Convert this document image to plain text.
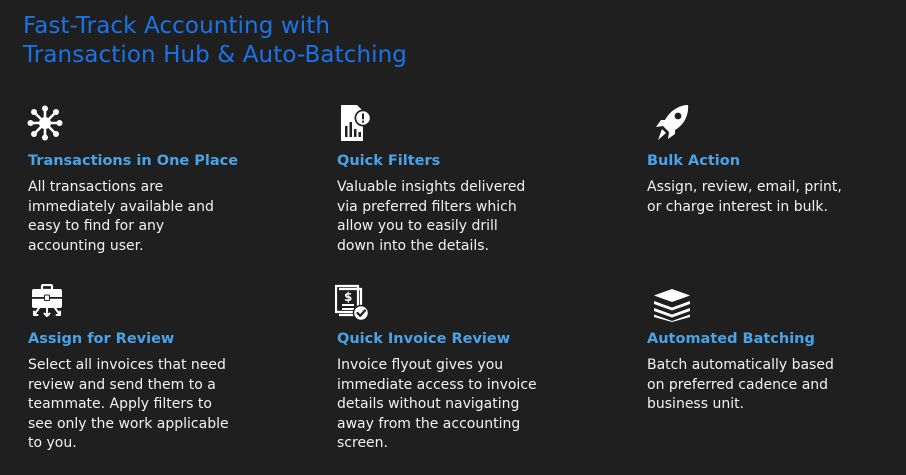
Fast-Track Accounting with
Transaction Hub & Auto-Batching
Transactions in One Place

All transactions are
immediately available and
easy to find for any
accounting user.

Quick Filters

Valuable insights delivered
via preferred filters which
allow you to easily drill
down into the details.

Bulk Action

Assign, review, email, print,
or charge interest in bulk.

Assign for Review

Select all invoices that need
review and send them to a
teammate. Apply filters to
see only the work applicable
to you.

$
Quick Invoice Review

Invoice flyout gives you
immediate access to invoice
details without navigating
away from the accounting
screen.

Automated Batching

Batch automatically based
on preferred cadence and
business unit.
